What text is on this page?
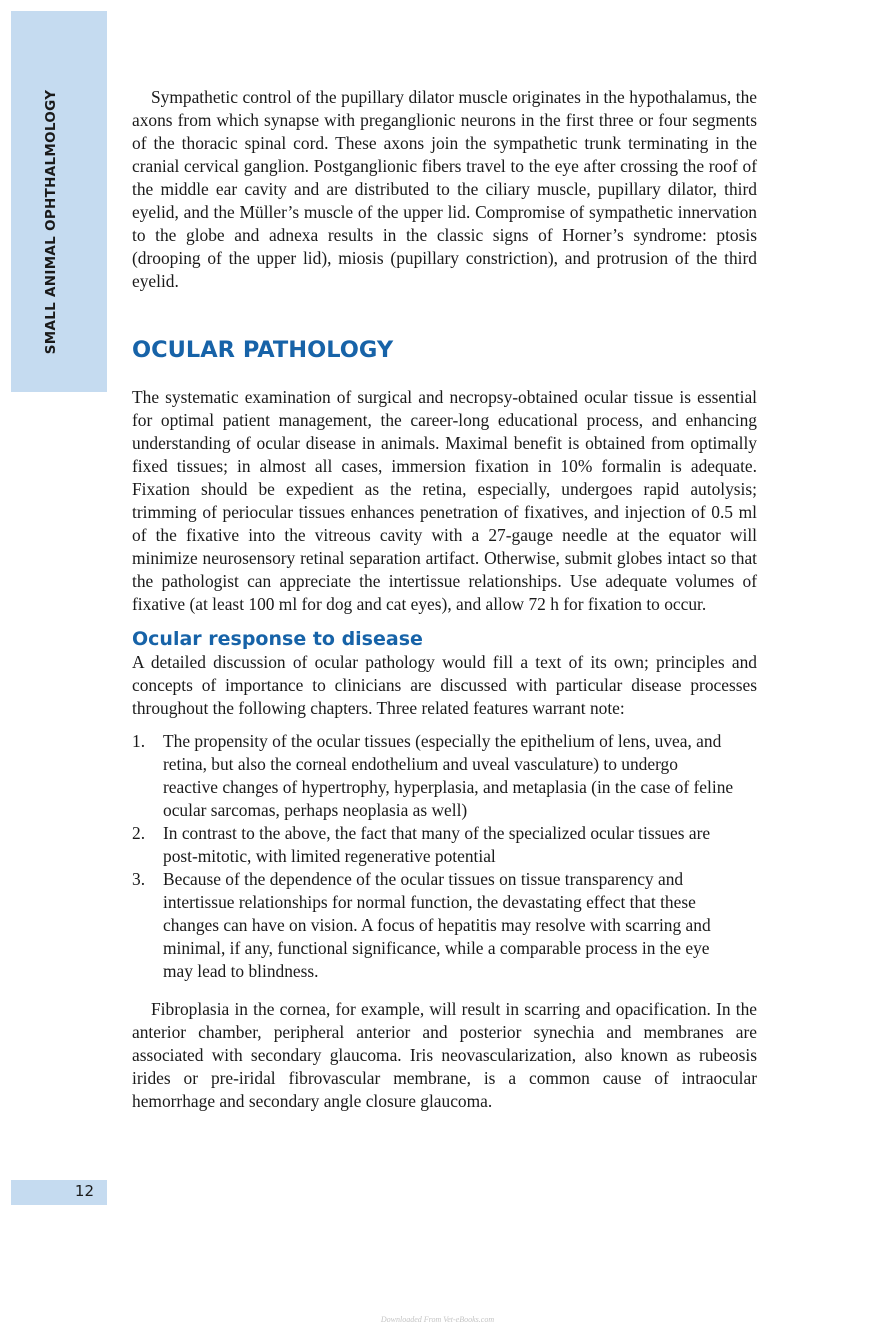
SMALL ANIMAL OPHTHALMOLOGY
12

Sympathetic control of the pupillary dilator muscle originates in the hypothalamus, the axons from which synapse with preganglionic neurons in the first three or four segments of the thoracic spinal cord. These axons join the sympathetic trunk terminating in the cranial cervical ganglion. Postganglionic fibers travel to the eye after crossing the roof of the middle ear cavity and are distributed to the ciliary muscle, pupillary dilator, third eyelid, and the Müller’s muscle of the upper lid. Compromise of sympathetic innervation to the globe and adnexa results in the classic signs of Horner’s syndrome: ptosis (drooping of the upper lid), miosis (pupillary constriction), and protrusion of the third eyelid.

OCULAR PATHOLOGY

The systematic examination of surgical and necropsy-obtained ocular tissue is essential for optimal patient management, the career-long educational process, and enhancing understanding of ocular disease in animals. Maximal benefit is obtained from optimally fixed tissues; in almost all cases, immersion fixation in 10% formalin is adequate. Fixation should be expedient as the retina, especially, undergoes rapid autolysis; trimming of periocular tissues enhances penetration of fixatives, and injection of 0.5 ml of the fixative into the vitreous cavity with a 27-gauge needle at the equator will minimize neurosensory retinal separation artifact. Otherwise, submit globes intact so that the pathologist can appreciate the intertissue relationships. Use adequate volumes of fixative (at least 100 ml for dog and cat eyes), and allow 72 h for fixation to occur.

Ocular response to disease

A detailed discussion of ocular pathology would fill a text of its own; principles and concepts of importance to clinicians are discussed with particular disease processes throughout the following chapters. Three related features warrant note:

1.	The propensity of the ocular tissues (especially the epithelium of lens, uvea, and retina, but also the corneal endothelium and uveal vasculature) to undergo reactive changes of hypertrophy, hyperplasia, and metaplasia (in the case of feline ocular sarcomas, perhaps neoplasia as well)
2.	In contrast to the above, the fact that many of the specialized ocular tissues are post-mitotic, with limited regenerative potential
3.	Because of the dependence of the ocular tissues on tissue transparency and intertissue relationships for normal function, the devastating effect that these changes can have on vision. A focus of hepatitis may resolve with scarring and minimal, if any, functional significance, while a comparable process in the eye may lead to blindness.

Fibroplasia in the cornea, for example, will result in scarring and opacification. In the anterior chamber, peripheral anterior and posterior synechia and membranes are associated with secondary glaucoma. Iris neovascularization, also known as rubeosis irides or pre-iridal fibrovascular membrane, is a common cause of intraocular hemorrhage and secondary angle closure glaucoma.

Downloaded From Vet-eBooks.com
